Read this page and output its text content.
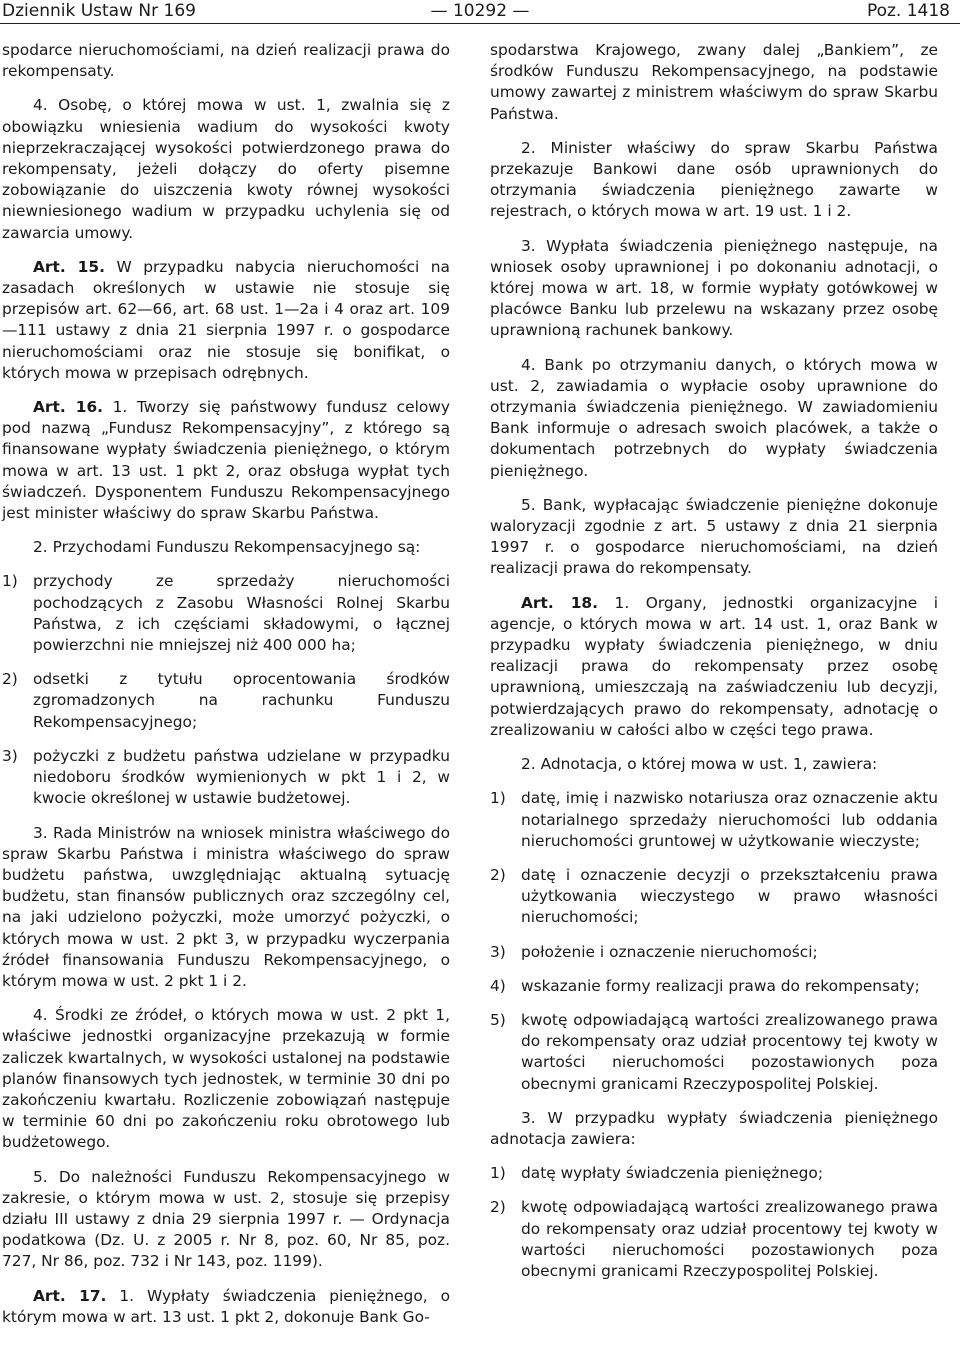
Dziennik Ustaw Nr 169	— 10292 —	Poz. 1418

spodarce nieruchomościami, na dzień realizacji prawa do rekompensaty.

4. Osobę, o której mowa w ust. 1, zwalnia się z obowiązku wniesienia wadium do wysokości kwoty nieprzekraczającej wysokości potwierdzonego prawa do rekompensaty, jeżeli dołączy do oferty pisemne zobowiązanie do uiszczenia kwoty równej wysokości niewniesionego wadium w przypadku uchylenia się od zawarcia umowy.

Art. 15. W przypadku nabycia nieruchomości na zasadach określonych w ustawie nie stosuje się przepisów art. 62—66, art. 68 ust. 1—2a i 4 oraz art. 109—111 ustawy z dnia 21 sierpnia 1997 r. o gospodarce nieruchomościami oraz nie stosuje się bonifikat, o których mowa w przepisach odrębnych.

Art. 16. 1. Tworzy się państwowy fundusz celowy pod nazwą „Fundusz Rekompensacyjny”, z którego są finansowane wypłaty świadczenia pieniężnego, o którym mowa w art. 13 ust. 1 pkt 2, oraz obsługa wypłat tych świadczeń. Dysponentem Funduszu Rekompensacyjnego jest minister właściwy do spraw Skarbu Państwa.

2. Przychodami Funduszu Rekompensacyjnego są:

1) przychody ze sprzedaży nieruchomości pochodzących z Zasobu Własności Rolnej Skarbu Państwa, z ich częściami składowymi, o łącznej powierzchni nie mniejszej niż 400 000 ha;
2) odsetki z tytułu oprocentowania środków zgromadzonych na rachunku Funduszu Rekompensacyjnego;
3) pożyczki z budżetu państwa udzielane w przypadku niedoboru środków wymienionych w pkt 1 i 2, w kwocie określonej w ustawie budżetowej.

3. Rada Ministrów na wniosek ministra właściwego do spraw Skarbu Państwa i ministra właściwego do spraw budżetu państwa, uwzględniając aktualną sytuację budżetu, stan finansów publicznych oraz szczególny cel, na jaki udzielono pożyczki, może umorzyć pożyczki, o których mowa w ust. 2 pkt 3, w przypadku wyczerpania źródeł finansowania Funduszu Rekompensacyjnego, o którym mowa w ust. 2 pkt 1 i 2.

4. Środki ze źródeł, o których mowa w ust. 2 pkt 1, właściwe jednostki organizacyjne przekazują w formie zaliczek kwartalnych, w wysokości ustalonej na podstawie planów finansowych tych jednostek, w terminie 30 dni po zakończeniu kwartału. Rozliczenie zobowiązań następuje w terminie 60 dni po zakończeniu roku obrotowego lub budżetowego.

5. Do należności Funduszu Rekompensacyjnego w zakresie, o którym mowa w ust. 2, stosuje się przepisy działu III ustawy z dnia 29 sierpnia 1997 r. — Ordynacja podatkowa (Dz. U. z 2005 r. Nr 8, poz. 60, Nr 85, poz. 727, Nr 86, poz. 732 i Nr 143, poz. 1199).

Art. 17. 1. Wypłaty świadczenia pieniężnego, o którym mowa w art. 13 ust. 1 pkt 2, dokonuje Bank Go-

spodarstwa Krajowego, zwany dalej „Bankiem”, ze środków Funduszu Rekompensacyjnego, na podstawie umowy zawartej z ministrem właściwym do spraw Skarbu Państwa.

2. Minister właściwy do spraw Skarbu Państwa przekazuje Bankowi dane osób uprawnionych do otrzymania świadczenia pieniężnego zawarte w rejestrach, o których mowa w art. 19 ust. 1 i 2.

3. Wypłata świadczenia pieniężnego następuje, na wniosek osoby uprawnionej i po dokonaniu adnotacji, o której mowa w art. 18, w formie wypłaty gotówkowej w placówce Banku lub przelewu na wskazany przez osobę uprawnioną rachunek bankowy.

4. Bank po otrzymaniu danych, o których mowa w ust. 2, zawiadamia o wypłacie osoby uprawnione do otrzymania świadczenia pieniężnego. W zawiadomieniu Bank informuje o adresach swoich placówek, a także o dokumentach potrzebnych do wypłaty świadczenia pieniężnego.

5. Bank, wypłacając świadczenie pieniężne dokonuje waloryzacji zgodnie z art. 5 ustawy z dnia 21 sierpnia 1997 r. o gospodarce nieruchomościami, na dzień realizacji prawa do rekompensaty.

Art. 18. 1. Organy, jednostki organizacyjne i agencje, o których mowa w art. 14 ust. 1, oraz Bank w przypadku wypłaty świadczenia pieniężnego, w dniu realizacji prawa do rekompensaty przez osobę uprawnioną, umieszczają na zaświadczeniu lub decyzji, potwierdzających prawo do rekompensaty, adnotację o zrealizowaniu w całości albo w części tego prawa.

2. Adnotacja, o której mowa w ust. 1, zawiera:

1) datę, imię i nazwisko notariusza oraz oznaczenie aktu notarialnego sprzedaży nieruchomości lub oddania nieruchomości gruntowej w użytkowanie wieczyste;
2) datę i oznaczenie decyzji o przekształceniu prawa użytkowania wieczystego w prawo własności nieruchomości;
3) położenie i oznaczenie nieruchomości;
4) wskazanie formy realizacji prawa do rekompensaty;
5) kwotę odpowiadającą wartości zrealizowanego prawa do rekompensaty oraz udział procentowy tej kwoty w wartości nieruchomości pozostawionych poza obecnymi granicami Rzeczypospolitej Polskiej.

3. W przypadku wypłaty świadczenia pieniężnego adnotacja zawiera:

1) datę wypłaty świadczenia pieniężnego;
2) kwotę odpowiadającą wartości zrealizowanego prawa do rekompensaty oraz udział procentowy tej kwoty w wartości nieruchomości pozostawionych poza obecnymi granicami Rzeczypospolitej Polskiej.
